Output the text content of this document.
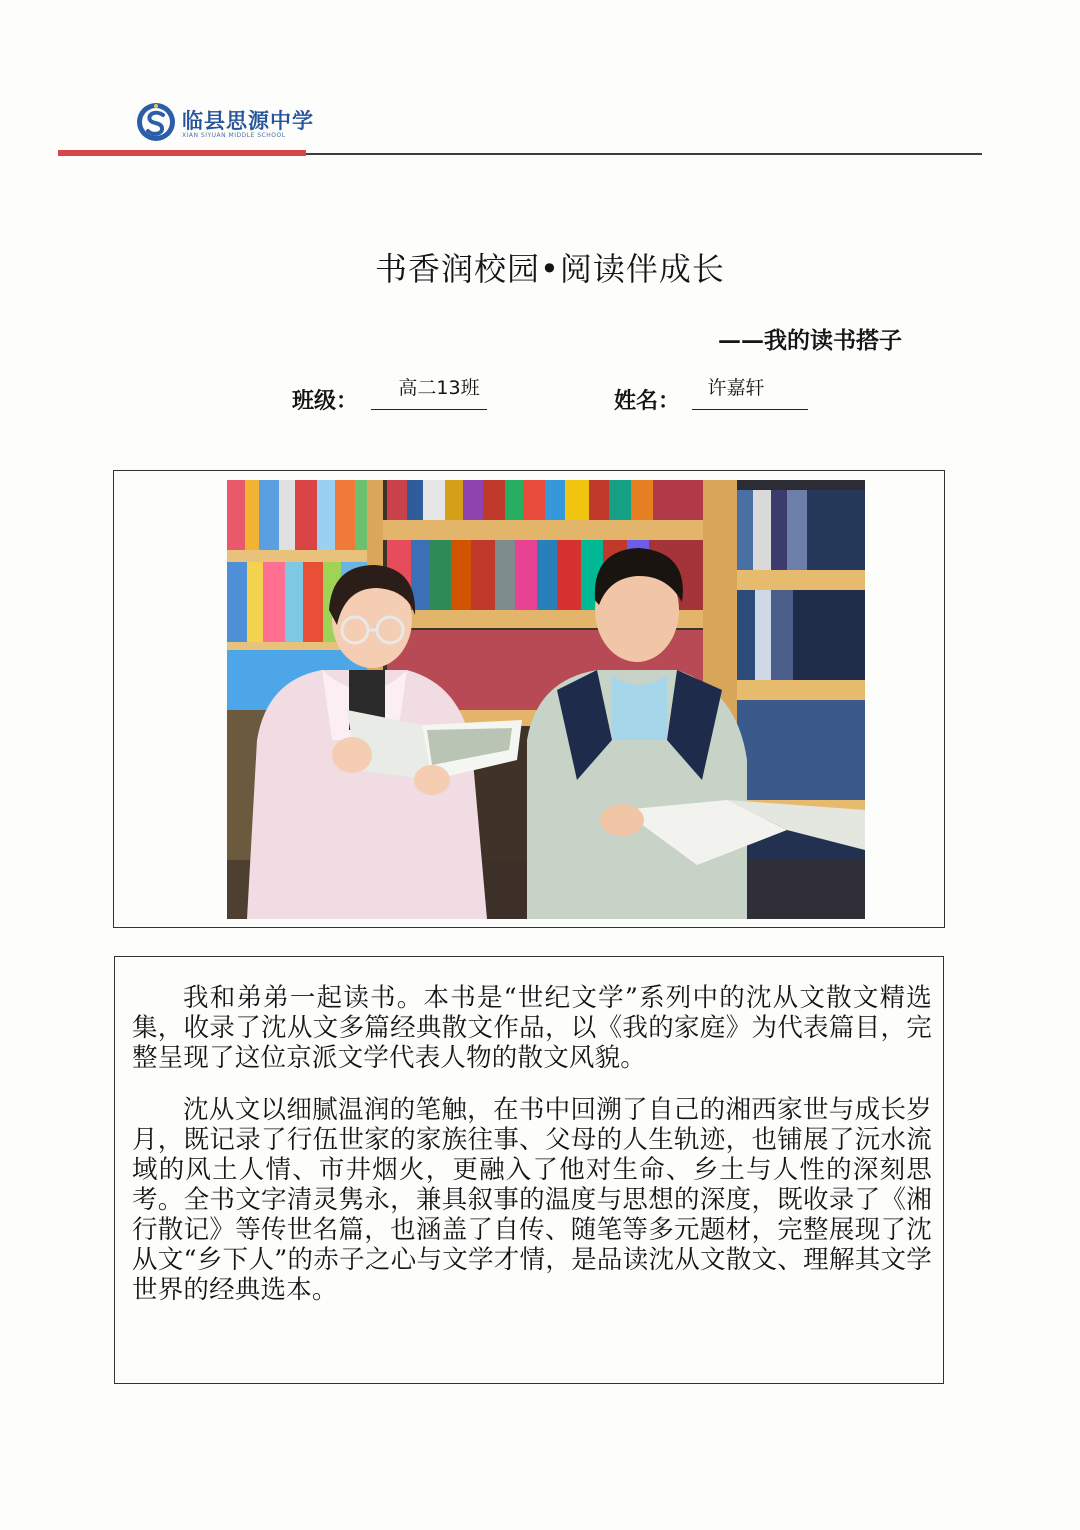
临县思源中学
XIAN SIYUAN MIDDLE SCHOOL
书香润校园•阅读伴成长
——我的读书搭子
班级：	高二13班	姓名：	许嘉轩

我和弟弟一起读书。本书是“世纪文学”系列中的沈从文散文精选集，收录了沈从文多篇经典散文作品，以《我的家庭》为代表篇目，完整呈现了这位京派文学代表人物的散文风貌。

沈从文以细腻温润的笔触，在书中回溯了自己的湘西家世与成长岁月，既记录了行伍世家的家族往事、父母的人生轨迹，也铺展了沅水流域的风土人情、市井烟火，更融入了他对生命、乡土与人性的深刻思考。全书文字清灵隽永，兼具叙事的温度与思想的深度，既收录了《湘行散记》等传世名篇，也涵盖了自传、随笔等多元题材，完整展现了沈从文“乡下人”的赤子之心与文学才情，是品读沈从文散文、理解其文学世界的经典选本。
